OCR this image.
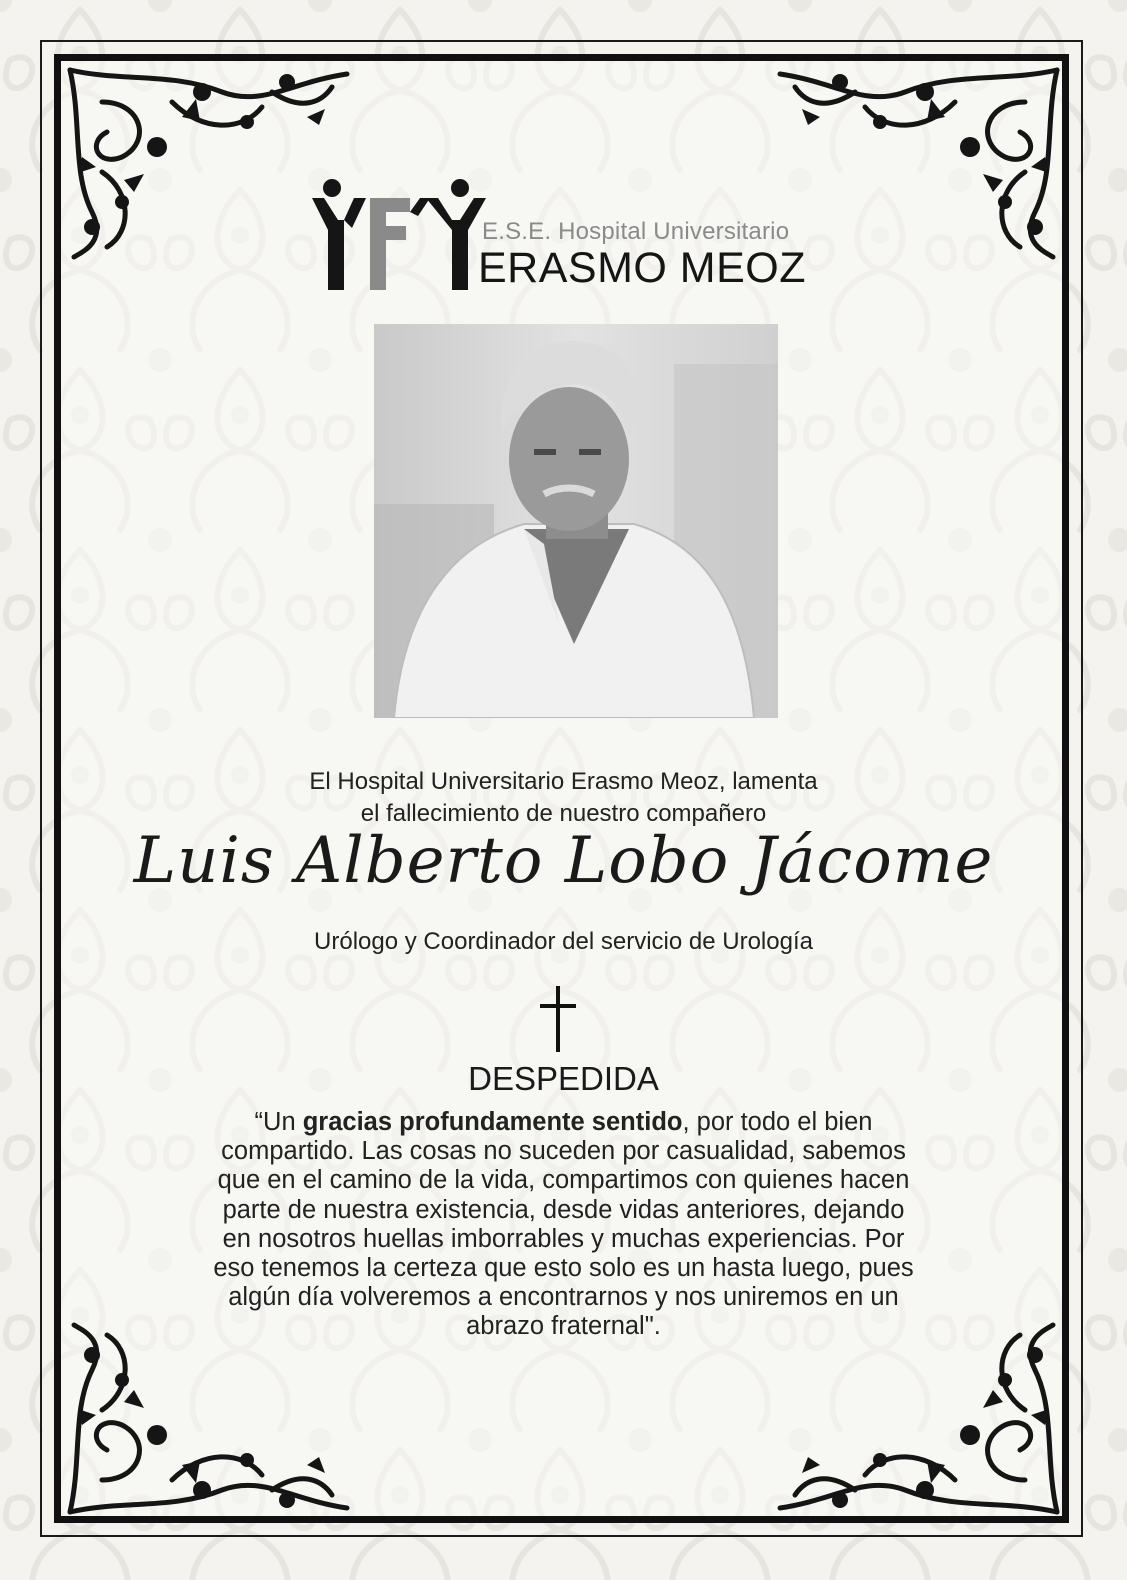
E.S.E. Hospital Universitario
ERASMO MEOZ
El Hospital Universitario Erasmo Meoz, lamenta
el fallecimiento de nuestro compañero
Luis Alberto Lobo Jácome
Urólogo y Coordinador del servicio de Urología
DESPEDIDA
“Un gracias profundamente sentido, por todo el bien
compartido. Las cosas no suceden por casualidad, sabemos
que en el camino de la vida, compartimos con quienes hacen
parte de nuestra existencia, desde vidas anteriores, dejando
en nosotros huellas imborrables y muchas experiencias. Por
eso tenemos la certeza que esto solo es un hasta luego, pues
algún día volveremos a encontrarnos y nos uniremos en un
abrazo fraternal".
